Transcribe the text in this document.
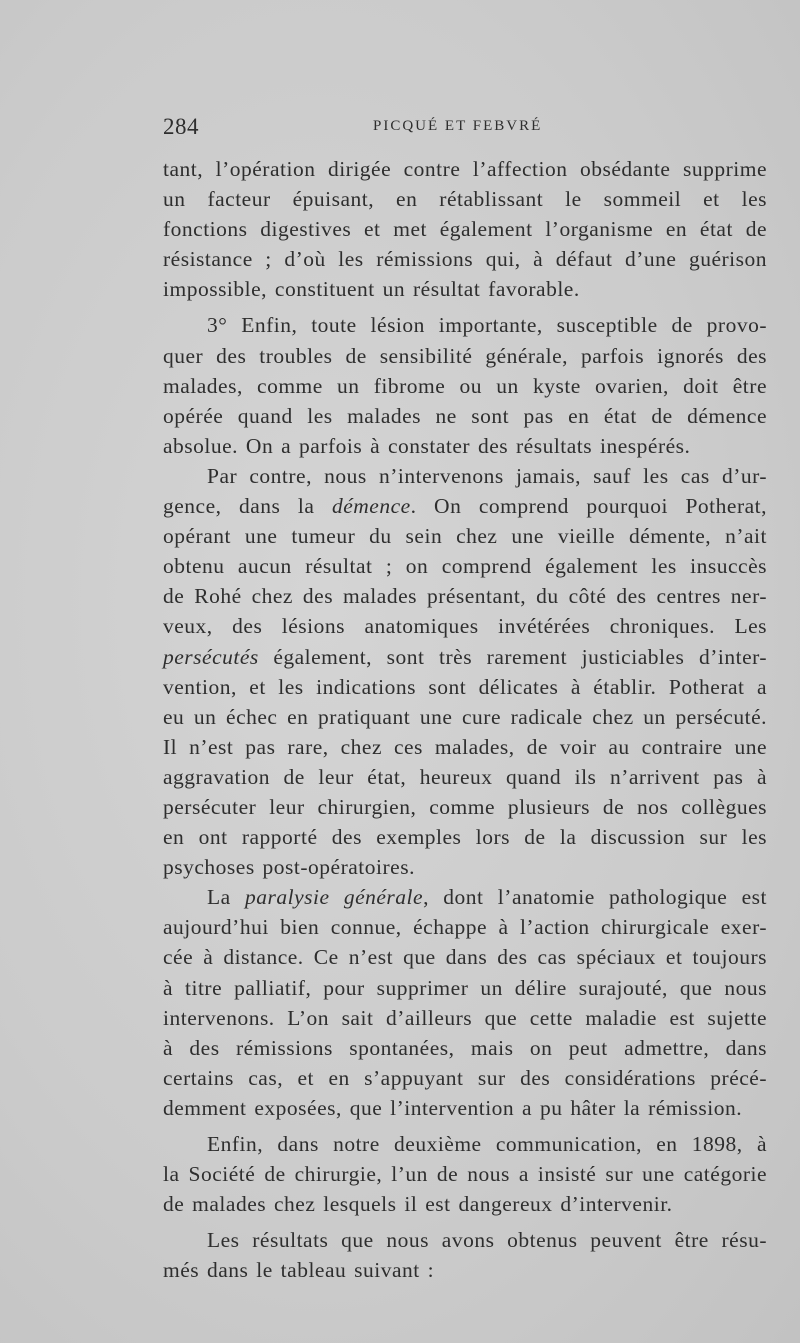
284	PICQUÉ ET FEBVRÉ
tant, l’opération dirigée contre l’affection obsédante supprime
un facteur épuisant, en rétablissant le sommeil et les
fonctions digestives et met également l’organisme en état de
résistance ; d’où les rémissions qui, à défaut d’une guérison
impossible, constituent un résultat favorable.
3° Enfin, toute lésion importante, susceptible de provo-
quer des troubles de sensibilité générale, parfois ignorés des
malades, comme un fibrome ou un kyste ovarien, doit être
opérée quand les malades ne sont pas en état de démence
absolue. On a parfois à constater des résultats inespérés.
Par contre, nous n’intervenons jamais, sauf les cas d’ur-
gence, dans la démence. On comprend pourquoi Potherat,
opérant une tumeur du sein chez une vieille démente, n’ait
obtenu aucun résultat ; on comprend également les insuccès
de Rohé chez des malades présentant, du côté des centres ner-
veux, des lésions anatomiques invétérées chroniques. Les
persécutés également, sont très rarement justiciables d’inter-
vention, et les indications sont délicates à établir. Potherat a
eu un échec en pratiquant une cure radicale chez un persécuté.
Il n’est pas rare, chez ces malades, de voir au contraire une
aggravation de leur état, heureux quand ils n’arrivent pas à
persécuter leur chirurgien, comme plusieurs de nos collègues
en ont rapporté des exemples lors de la discussion sur les
psychoses post-opératoires.
La paralysie générale, dont l’anatomie pathologique est
aujourd’hui bien connue, échappe à l’action chirurgicale exer-
cée à distance. Ce n’est que dans des cas spéciaux et toujours
à titre palliatif, pour supprimer un délire surajouté, que nous
intervenons. L’on sait d’ailleurs que cette maladie est sujette
à des rémissions spontanées, mais on peut admettre, dans
certains cas, et en s’appuyant sur des considérations précé-
demment exposées, que l’intervention a pu hâter la rémission.
Enfin, dans notre deuxième communication, en 1898, à
la Société de chirurgie, l’un de nous a insisté sur une catégorie
de malades chez lesquels il est dangereux d’intervenir.
Les résultats que nous avons obtenus peuvent être résu-
més dans le tableau suivant :
